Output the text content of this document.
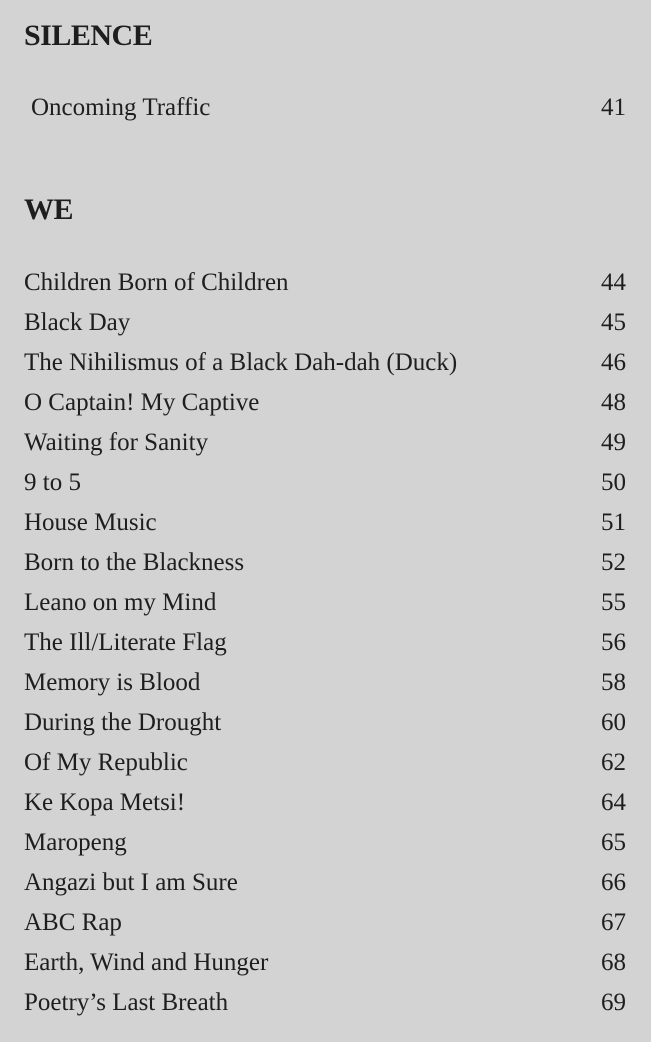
SILENCE
Oncoming Traffic	41
WE
Children Born of Children	44
Black Day	45
The Nihilismus of a Black Dah-dah (Duck)	46
O Captain! My Captive	48
Waiting for Sanity	49
9 to 5	50
House Music	51
Born to the Blackness	52
Leano on my Mind	55
The Ill/Literate Flag	56
Memory is Blood	58
During the Drought	60
Of My Republic	62
Ke Kopa Metsi!	64
Maropeng	65
Angazi but I am Sure	66
ABC Rap	67
Earth, Wind and Hunger	68
Poetry’s Last Breath	69
